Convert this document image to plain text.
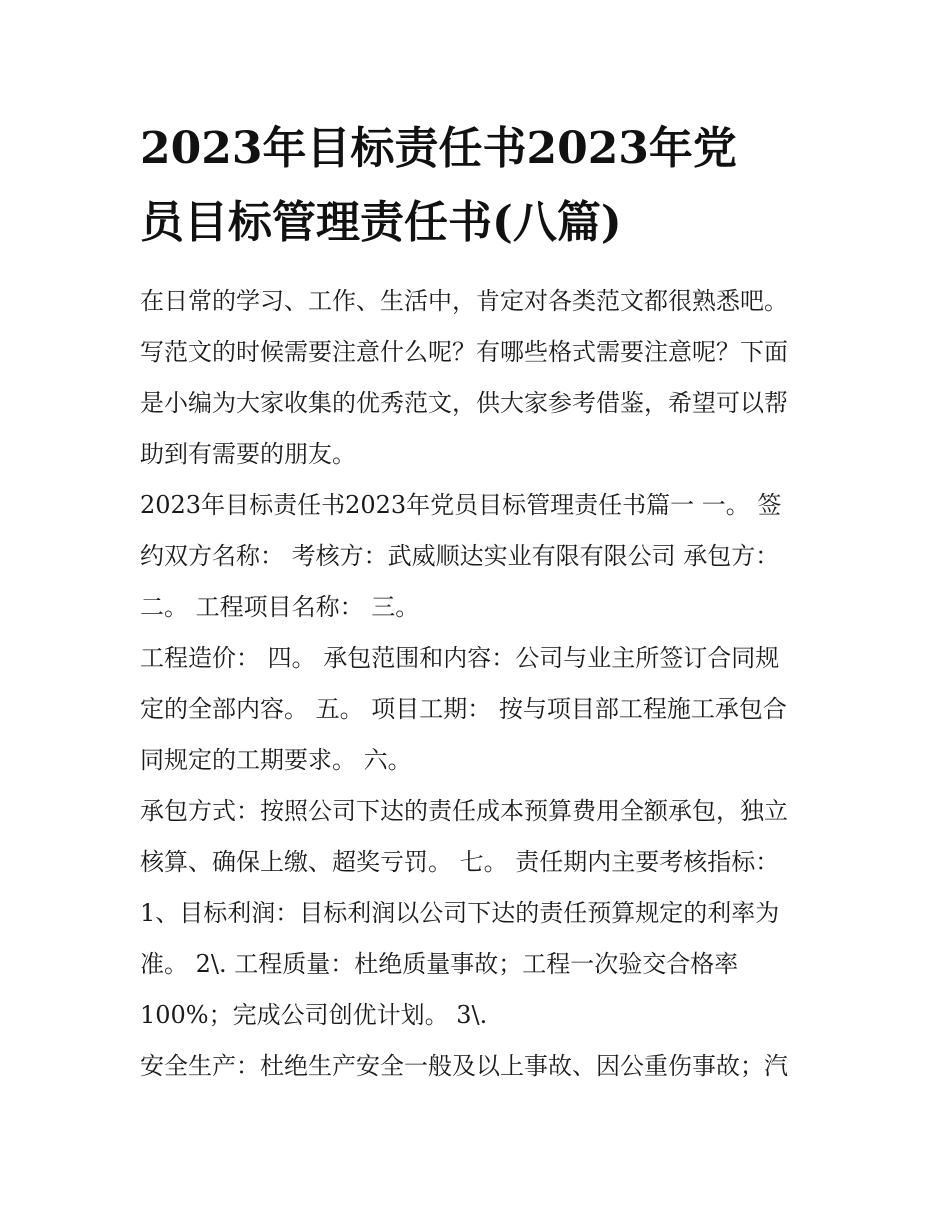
2023年目标责任书2023年党
员目标管理责任书(八篇)

在日常的学习、工作、生活中，肯定对各类范文都很熟悉吧。
写范文的时候需要注意什么呢？有哪些格式需要注意呢？下面
是小编为大家收集的优秀范文，供大家参考借鉴，希望可以帮
助到有需要的朋友。

2023年目标责任书2023年党员目标管理责任书篇一 一。 签
约双方名称： 考核方：武威顺达实业有限有限公司 承包方：
二。 工程项目名称： 三。

工程造价： 四。 承包范围和内容：公司与业主所签订合同规
定的全部内容。 五。 项目工期： 按与项目部工程施工承包合
同规定的工期要求。 六。

承包方式：按照公司下达的责任成本预算费用全额承包，独立
核算、确保上缴、超奖亏罚。 七。 责任期内主要考核指标：
1、目标利润：目标利润以公司下达的责任预算规定的利率为
准。 2\. 工程质量：杜绝质量事故；工程一次验交合格率
100%；完成公司创优计划。 3\.

安全生产：杜绝生产安全一般及以上事故、因公重伤事故；汽
